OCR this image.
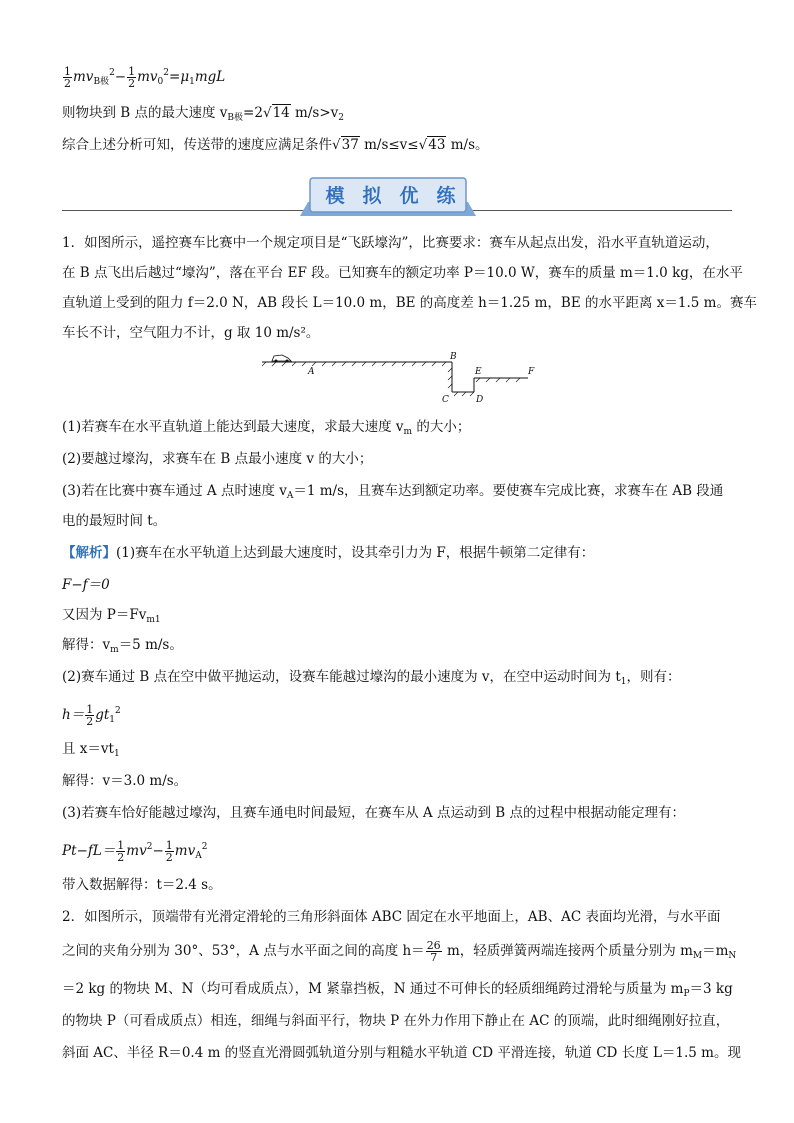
$\frac{1}{2} mv_{B极}^2- \frac{1}{2} mv_0^2=\mu_1mgL$
则物块到 B 点的最大速度 $v_{B极}=2√14$ $m/s>v_2$
综合上述分析可知，传送带的速度应满足条件√37 m/s≤v≤√43 m/s。
模 拟 优 练
1．如图所示，遥控赛车比赛中一个规定项目是“飞跃壕沟”，比赛要求：赛车从起点出发，沿水平直轨道运动，
在 B 点飞出后越过“壕沟”，落在平台 EF 段。已知赛车的额定功率 P＝10.0 W，赛车的质量 m＝1.0 kg，在水平
直轨道上受到的阻力 f＝2.0 N，AB 段长 L＝10.0 m，BE 的高度差 h＝1.25 m，BE 的水平距离 x＝1.5 m。赛车
车长不计，空气阻力不计，g 取 10 m/s²。
A
B
C	D
E	F
(1)若赛车在水平直轨道上能达到最大速度，求最大速度 $v_m$ 的大小；
(2)要越过壕沟，求赛车在 B 点最小速度 v 的大小；
(3)若在比赛中赛车通过 A 点时速度 $v_A=1$ m/s，且赛车达到额定功率。要使赛车完成比赛，求赛车在 AB 段通
电的最短时间 t。
【解析】(1)赛车在水平轨道上达到最大速度时，设其牵引力为 F，根据牛顿第二定律有：
F−f＝0
又因为 $P=Fv_{m1}$
解得：$v_m=5$ m/s。
(2)赛车通过 B 点在空中做平抛运动，设赛车能越过壕沟的最小速度为 v，在空中运动时间为 $t_1$，则有：
$h= \frac{1}{2} gt_1^2$
且 $x=vt_1$
解得：v＝3.0 m/s。
(3)若赛车恰好能越过壕沟，且赛车通电时间最短，在赛车从 A 点运动到 B 点的过程中根据动能定理有：
$Pt-fL= \frac{1}{2} mv^2- \frac{1}{2} mv_A^2$
带入数据解得：t＝2.4 s。
2．如图所示，顶端带有光滑定滑轮的三角形斜面体 ABC 固定在水平地面上，AB、AC 表面均光滑，与水平面
之间的夹角分别为 30°、53°，A 点与水平面之间的高度 $h= \frac{26}{7}$ m，轻质弹簧两端连接两个质量分别为 $m_M=m_N$
＝2 kg 的物块 M、N（均可看成质点），M 紧靠挡板，N 通过不可伸长的轻质细绳跨过滑轮与质量为 $m_P=3$ kg
的物块 P（可看成质点）相连，细绳与斜面平行，物块 P 在外力作用下静止在 AC 的顶端，此时细绳刚好拉直，
斜面 AC、半径 R＝0.4 m 的竖直光滑圆弧轨道分别与粗糙水平轨道 CD 平滑连接，轨道 CD 长度 L＝1.5 m。现
